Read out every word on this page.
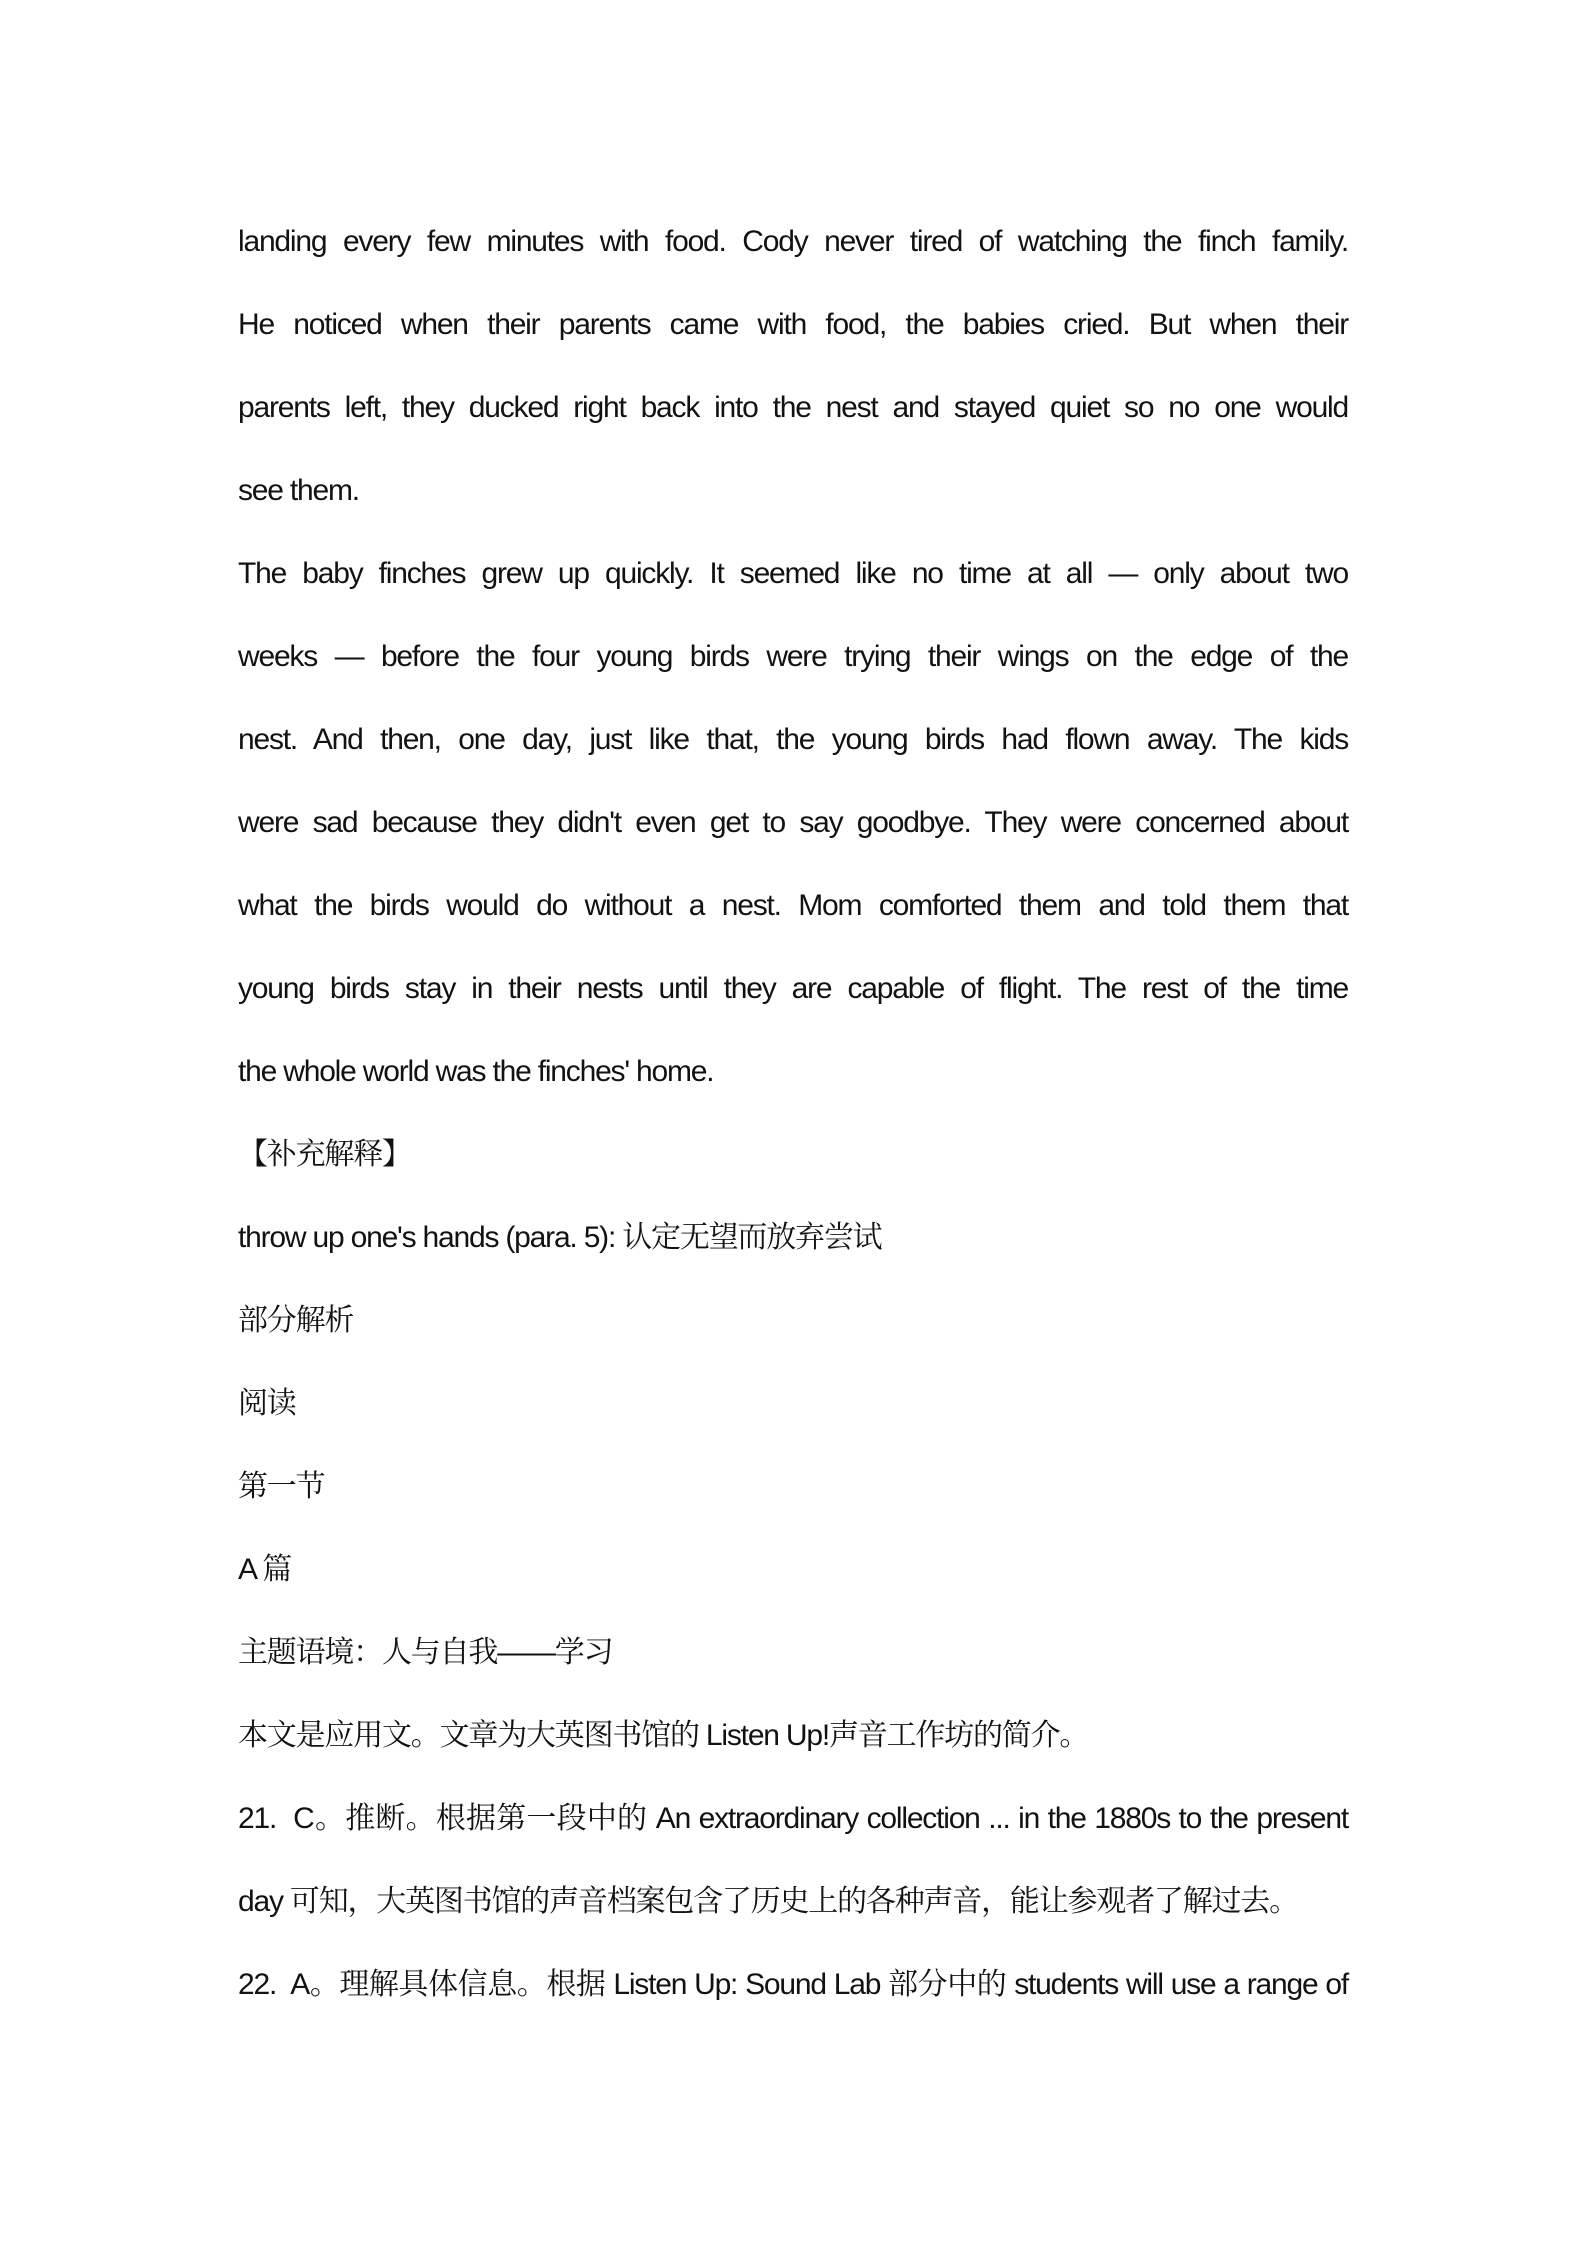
landing every few minutes with food. Cody never tired of watching the finch family.
He noticed when their parents came with food, the babies cried. But when their
parents left, they ducked right back into the nest and stayed quiet so no one would
see them.
The baby finches grew up quickly. It seemed like no time at all — only about two
weeks — before the four young birds were trying their wings on the edge of the
nest. And then, one day, just like that, the young birds had flown away. The kids
were sad because they didn't even get to say goodbye. They were concerned about
what the birds would do without a nest. Mom comforted them and told them that
young birds stay in their nests until they are capable of flight. The rest of the time
the whole world was the finches' home.
【补充解释】
throw up one's hands (para. 5): 认定无望而放弃尝试
部分解析
阅读
第一节
A 篇
主题语境：人与自我——学习
本文是应用文。文章为大英图书馆的 Listen Up!声音工作坊的简介。
21.  C。推断。根据第一段中的 An extraordinary collection ... in the 1880s to the present
day 可知，大英图书馆的声音档案包含了历史上的各种声音，能让参观者了解过去。
22.  A。理解具体信息。根据 Listen Up: Sound Lab 部分中的 students will use a range of
